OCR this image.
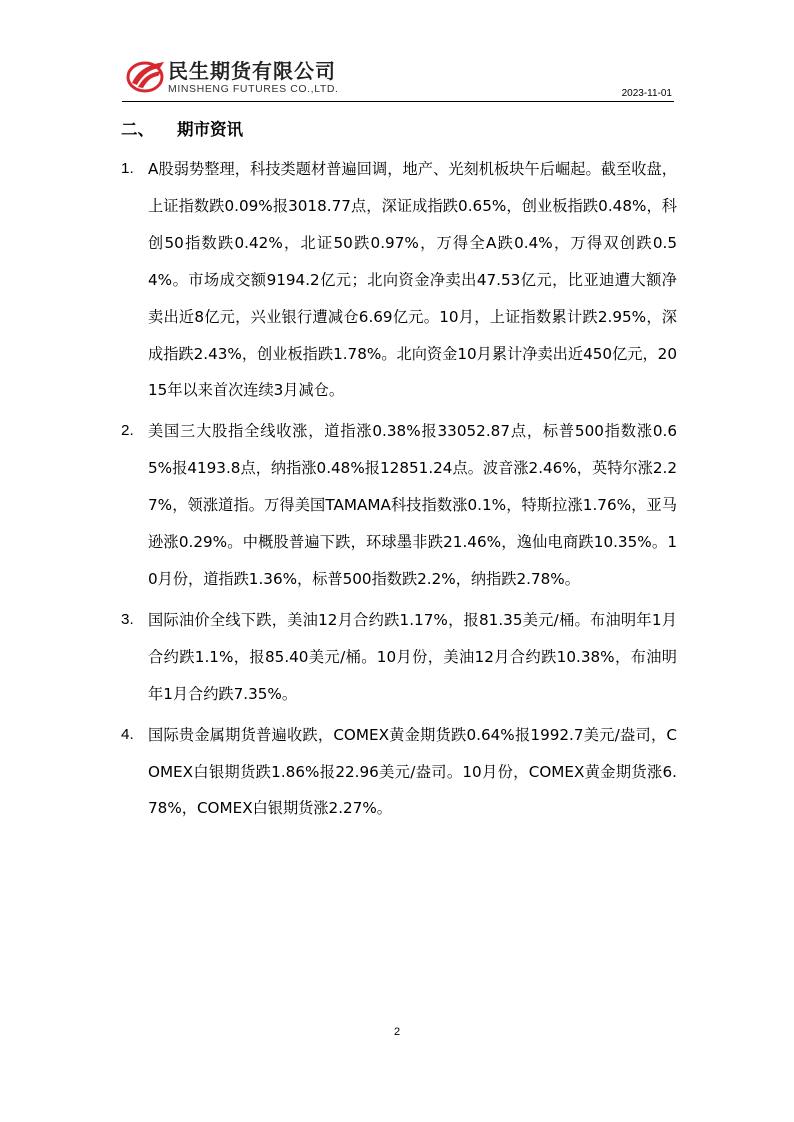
民生期货有限公司
MINSHENG FUTURES CO.,LTD.	2023-11-01
二、 期市资讯
1. A股弱势整理，科技类题材普遍回调，地产、光刻机板块午后崛起。截至收盘，上证指数跌0.09%报3018.77点，深证成指跌0.65%，创业板指跌0.48%，科创50指数跌0.42%，北证50跌0.97%，万得全A跌0.4%，万得双创跌0.54%。市场成交额9194.2亿元；北向资金净卖出47.53亿元，比亚迪遭大额净卖出近8亿元，兴业银行遭减仓6.69亿元。10月，上证指数累计跌2.95%，深成指跌2.43%，创业板指跌1.78%。北向资金10月累计净卖出近450亿元，2015年以来首次连续3月减仓。
2. 美国三大股指全线收涨，道指涨0.38%报33052.87点，标普500指数涨0.65%报4193.8点，纳指涨0.48%报12851.24点。波音涨2.46%，英特尔涨2.27%，领涨道指。万得美国TAMAMA科技指数涨0.1%，特斯拉涨1.76%，亚马逊涨0.29%。中概股普遍下跌，环球墨非跌21.46%，逸仙电商跌10.35%。10月份，道指跌1.36%，标普500指数跌2.2%，纳指跌2.78%。
3. 国际油价全线下跌，美油12月合约跌1.17%，报81.35美元/桶。布油明年1月合约跌1.1%，报85.40美元/桶。10月份，美油12月合约跌10.38%，布油明年1月合约跌7.35%。
4. 国际贵金属期货普遍收跌，COMEX黄金期货跌0.64%报1992.7美元/盎司，COMEX白银期货跌1.86%报22.96美元/盎司。10月份，COMEX黄金期货涨6.78%，COMEX白银期货涨2.27%。
2
